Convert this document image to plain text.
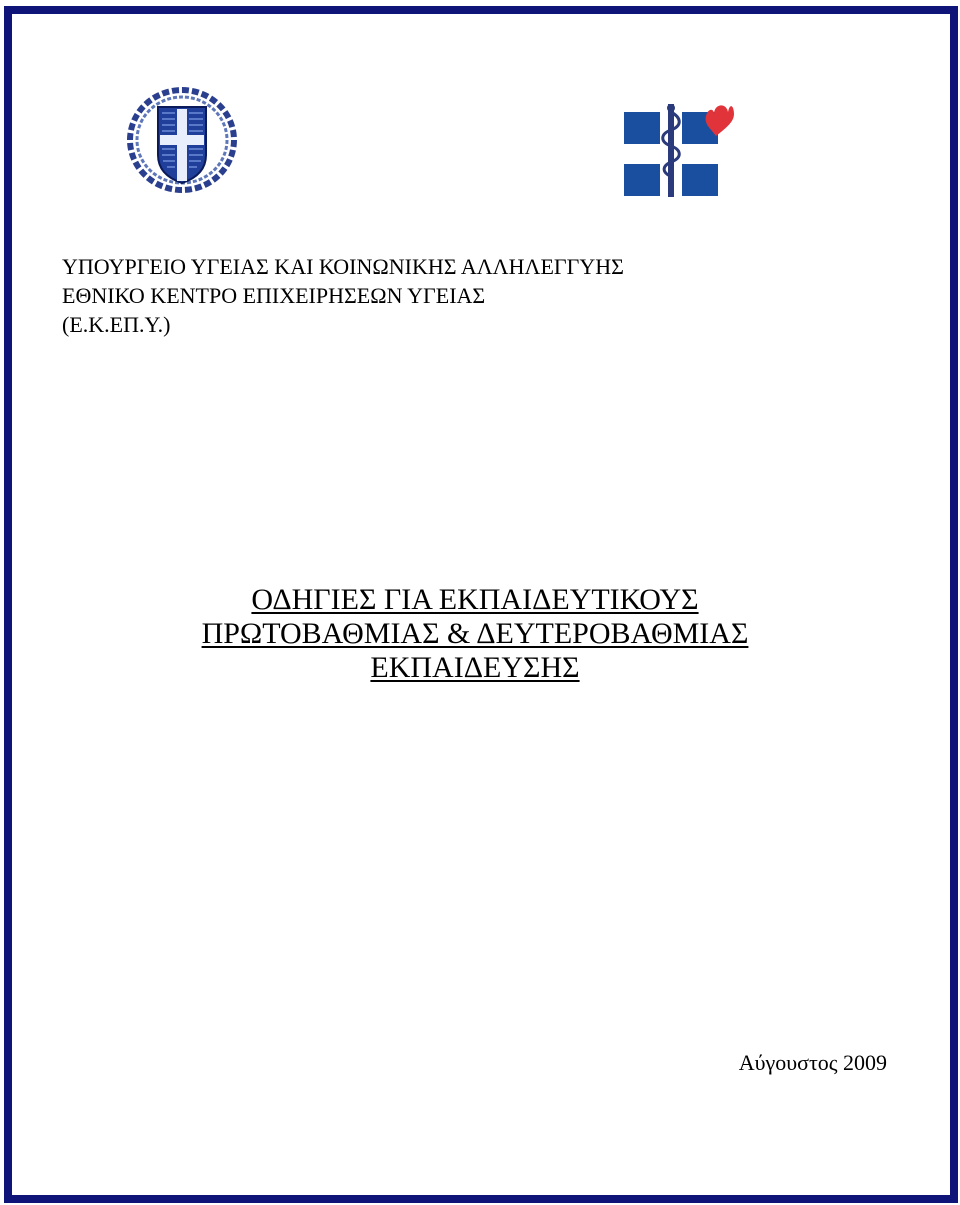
ΥΠΟΥΡΓΕΙΟ ΥΓΕΙΑΣ ΚΑΙ ΚΟΙΝΩΝΙΚΗΣ ΑΛΛΗΛΕΓΓΥΗΣ
ΕΘΝΙΚΟ ΚΕΝΤΡΟ ΕΠΙΧΕΙΡΗΣΕΩΝ ΥΓΕΙΑΣ
(Ε.Κ.ΕΠ.Υ.)
ΟΔΗΓΙΕΣ ΓΙΑ ΕΚΠΑΙΔΕΥΤΙΚΟΥΣ
ΠΡΩΤΟΒΑΘΜΙΑΣ & ΔΕΥΤΕΡΟΒΑΘΜΙΑΣ
ΕΚΠΑΙΔΕΥΣΗΣ
Αύγουστος 2009
